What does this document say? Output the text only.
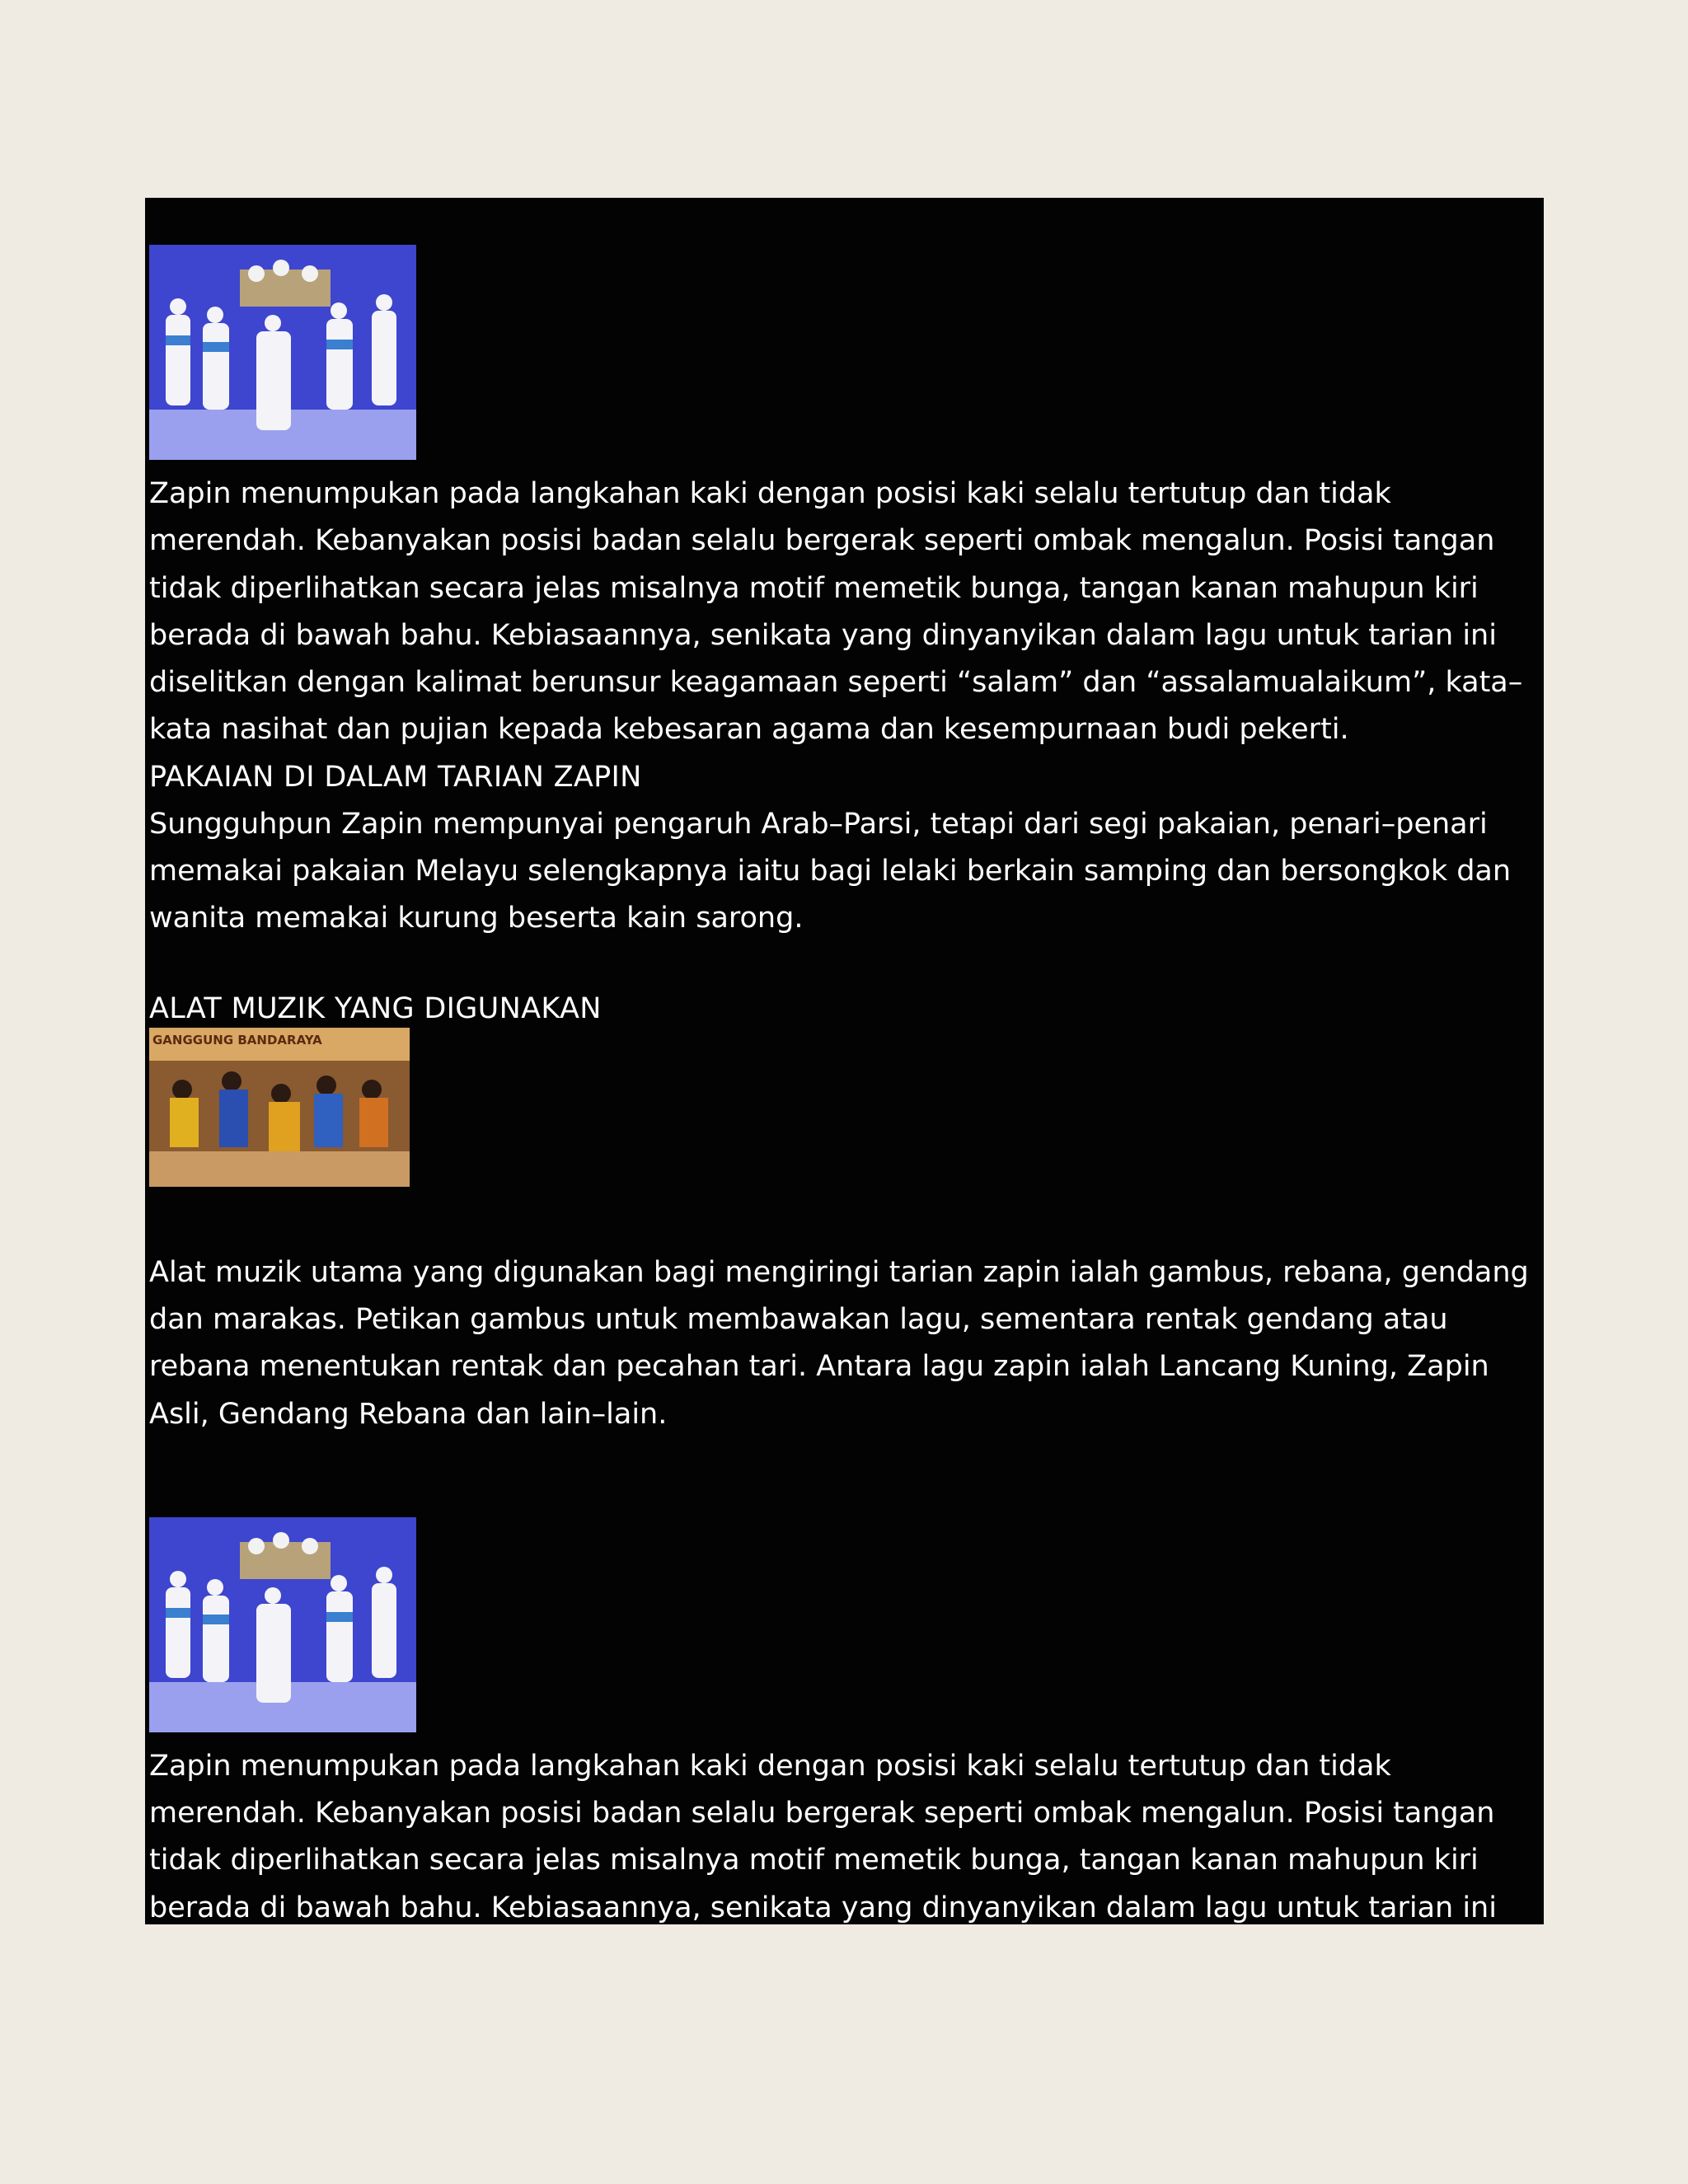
Zapin menumpukan pada langkahan kaki dengan posisi kaki selalu tertutup dan tidak

merendah. Kebanyakan posisi badan selalu bergerak seperti ombak mengalun. Posisi tangan

tidak diperlihatkan secara jelas misalnya motif memetik bunga, tangan kanan mahupun kiri

berada di bawah bahu. Kebiasaannya, senikata yang dinyanyikan dalam lagu untuk tarian ini

diselitkan dengan kalimat berunsur keagamaan seperti “salam” dan “assalamualaikum”, kata–

kata nasihat dan pujian kepada kebesaran agama dan kesempurnaan budi pekerti.

PAKAIAN DI DALAM TARIAN ZAPIN

Sungguhpun Zapin mempunyai pengaruh Arab–Parsi, tetapi dari segi pakaian, penari–penari

memakai pakaian Melayu selengkapnya iaitu bagi lelaki berkain samping dan bersongkok dan

wanita memakai kurung beserta kain sarong.

ALAT MUZIK YANG DIGUNAKAN
GANGGUNG BANDARAYA

Alat muzik utama yang digunakan bagi mengiringi tarian zapin ialah gambus, rebana, gendang

dan marakas. Petikan gambus untuk membawakan lagu, sementara rentak gendang atau

rebana menentukan rentak dan pecahan tari. Antara lagu zapin ialah Lancang Kuning, Zapin

Asli, Gendang Rebana dan lain–lain.

Zapin menumpukan pada langkahan kaki dengan posisi kaki selalu tertutup dan tidak

merendah. Kebanyakan posisi badan selalu bergerak seperti ombak mengalun. Posisi tangan

tidak diperlihatkan secara jelas misalnya motif memetik bunga, tangan kanan mahupun kiri

berada di bawah bahu. Kebiasaannya, senikata yang dinyanyikan dalam lagu untuk tarian ini
